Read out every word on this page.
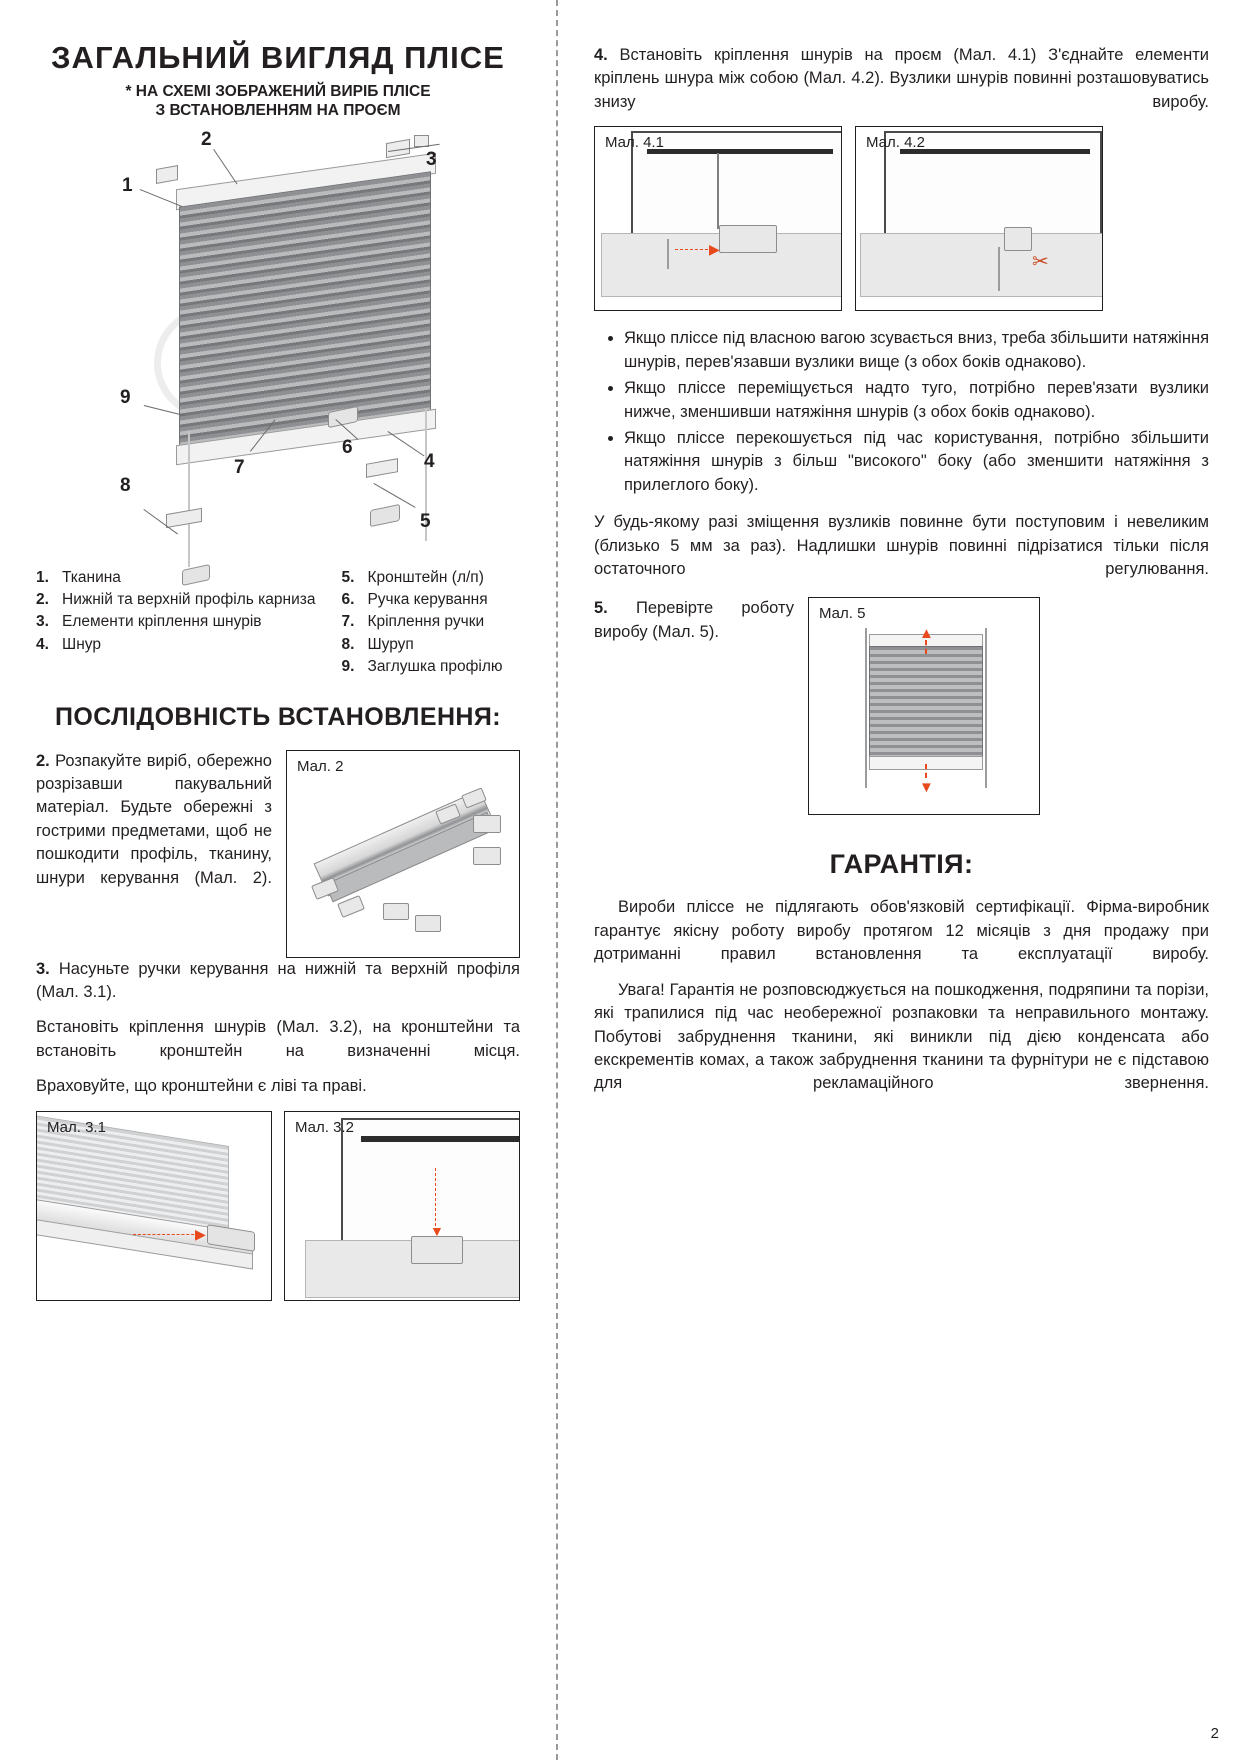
ЗАГАЛЬНИЙ ВИГЛЯД ПЛІСЕ
* НА СХЕМІ ЗОБРАЖЕНИЙ ВИРІБ ПЛІСЕ
З ВСТАНОВЛЕННЯМ НА ПРОЄМ
1
2
3
4
5
6
7
8
9
1. Тканина
2. Нижній та верхній профіль карниза
3. Елементи кріплення шнурів
4. Шнур
5. Кронштейн (л/п)
6. Ручка керування
7. Кріплення ручки
8. Шуруп
9. Заглушка профілю
ПОСЛІДОВНІСТЬ ВСТАНОВЛЕННЯ:

2. Розпакуйте виріб, обережно розрізавши пакувальний матеріал. Будьте обережні з гострими предметами, щоб не пошкодити профіль, тканину, шнури керування (Мал. 2).

Мал. 2

3. Насуньте ручки керування на нижній та верхній профіля (Мал. 3.1).

Встановіть кріплення шнурів (Мал. 3.2), на кронштейни та встановіть кронштейн на визначенні місця.

Враховуйте, що кронштейни є ліві та праві.

Мал. 3.1
▶
Мал. 3.2
▼

4. Встановіть кріплення шнурів на проєм (Мал. 4.1) З'єднайте елементи кріплень шнура між собою (Мал. 4.2). Вузлики шнурів повинні розташовуватись знизу виробу.

Мал. 4.1
▶
Мал. 4.2
✂
• Якщо пліссе під власною вагою зсувається вниз, треба збільшити натяжіння шнурів, перев'язавши вузлики вище (з обох боків однаково).
• Якщо пліссе переміщується надто туго, потрібно перев'язати вузлики нижче, зменшивши натяжіння шнурів (з обох боків однаково).
• Якщо пліссе перекошується під час користування, потрібно збільшити натяжіння шнурів з більш "високого" боку (або зменшити натяжіння з прилеглого боку).

У будь-якому разі зміщення вузликів повинне бути поступовим і невеликим (близько 5 мм за раз). Надлишки шнурів повинні підрізатися тільки після остаточного регулювання.

5. Перевірте роботу виробу (Мал. 5).

Мал. 5
▲
▼
ГАРАНТІЯ:

Вироби пліссе не підлягають обов'язковій сертифікації. Фірма-виробник гарантує якісну роботу виробу протягом 12 місяців з дня продажу при дотриманні правил встановлення та експлуатації виробу.

Увага! Гарантія не розповсюджується на пошкодження, подряпини та порізи, які трапилися під час необережної розпаковки та неправильного монтажу. Побутові забруднення тканини, які виникли під дією конденсата або екскрементів комах, а також забруднення тканини та фурнітури не є підставою для рекламаційного звернення.

2
